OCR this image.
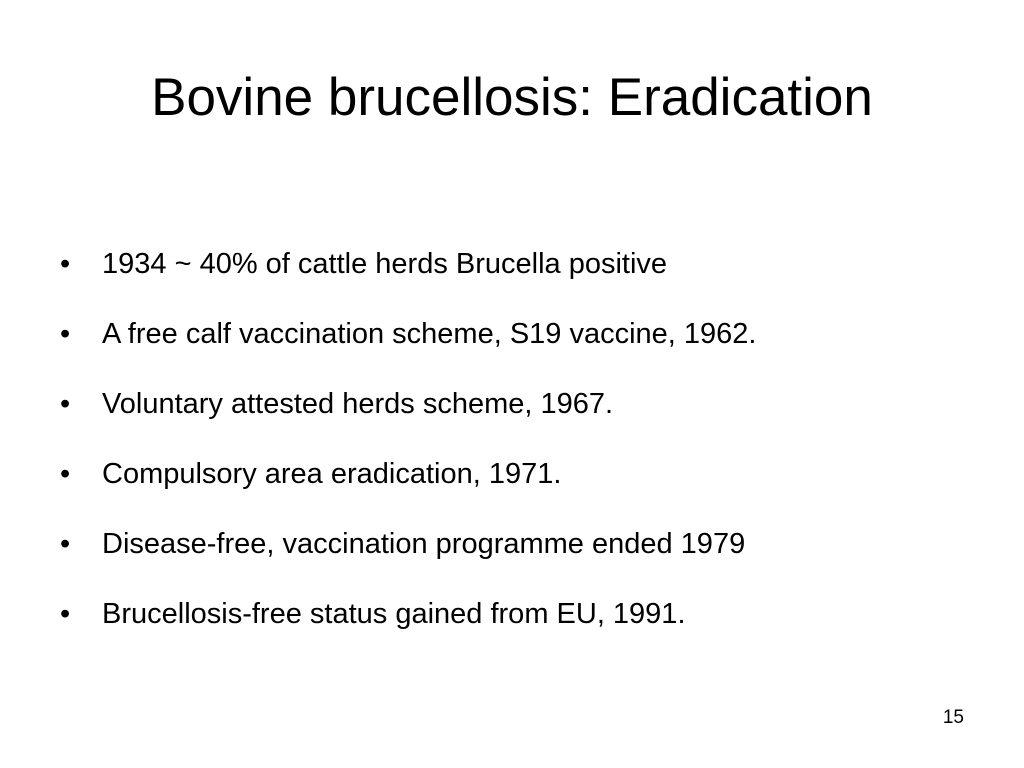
Bovine brucellosis: Eradication
•	1934 ~ 40% of cattle herds Brucella positive
•	A free calf vaccination scheme, S19 vaccine, 1962.
•	Voluntary attested herds scheme, 1967.
•	Compulsory area eradication, 1971.
•	Disease-free, vaccination programme ended 1979
•	Brucellosis-free status gained from EU, 1991.
15
